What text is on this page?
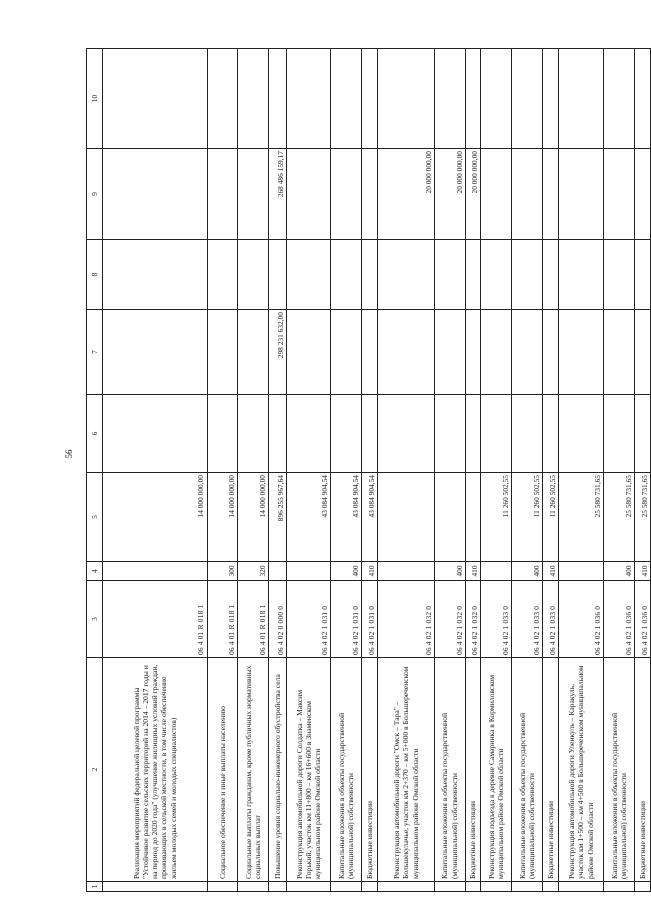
56
1	2	3	4	5	6	7	8	9	10
	Реализация мероприятий федеральной целевой программы "Устойчивое развитие сельских территорий на 2014 – 2017 годы и на период до 2020 года" (улучшение жилищных условий граждан, проживающих в сельской местности, в том числе обеспечение жильем молодых семей и молодых специалистов)	06 4 01 R 018 1		14 000 000,00					
	Социальное обеспечение и иные выплаты населению	06 4 01 R 018 1	300	14 000 000,00					
	Социальные выплаты гражданам, кроме публичных нормативных социальных выплат	06 4 01 R 018 1	320	14 000 000,00					
	Повышение уровня социально-инженерного обустройства села	06 4 02 0 000 0		896 255 967,64		298 231 632,00		268 486 159,17	
	Реконструкция автомобильной дороги Солдатка – Максим Горький, участок км 11+800 – км 16+600 в Знаменском муниципальном районе Омской области	06 4 02 1 031 0		43 084 904,54					
	Капитальные вложения в объекты государственной (муниципальной) собственности	06 4 02 1 031 0	400	43 084 904,54					
	Бюджетные инвестиции	06 4 02 1 031 0	410	43 084 904,54					
	Реконструкция автомобильной дороги "Омск – Тара" – Большекулачье, участок км 2+370 – км 5+000 в Большереченском муниципальном районе Омской области	06 4 02 1 032 0						20 000 000,00	
	Капитальные вложения в объекты государственной (муниципальной) собственности	06 4 02 1 032 0	400					20 000 000,00	
	Бюджетные инвестиции	06 4 02 1 032 0	410					20 000 000,00	
	Реконструкция подъезда к деревне Самаринка в Кормиловском муниципальном районе Омской области	06 4 02 1 033 0		11 260 502,55					
	Капитальные вложения в объекты государственной (муниципальной) собственности	06 4 02 1 033 0	400	11 260 502,55					
	Бюджетные инвестиции	06 4 02 1 033 0	410	11 260 502,55					
	Реконструкция автомобильной дороги Уленкуль – Каракуль, участок км 1+500 – км 4+500 в Большереченском муниципальном районе Омской области	06 4 02 1 036 0		25 580 731,65					
	Капитальные вложения в объекты государственной (муниципальной) собственности	06 4 02 1 036 0	400	25 580 731,65					
	Бюджетные инвестиции	06 4 02 1 036 0	410	25 580 731,65					
